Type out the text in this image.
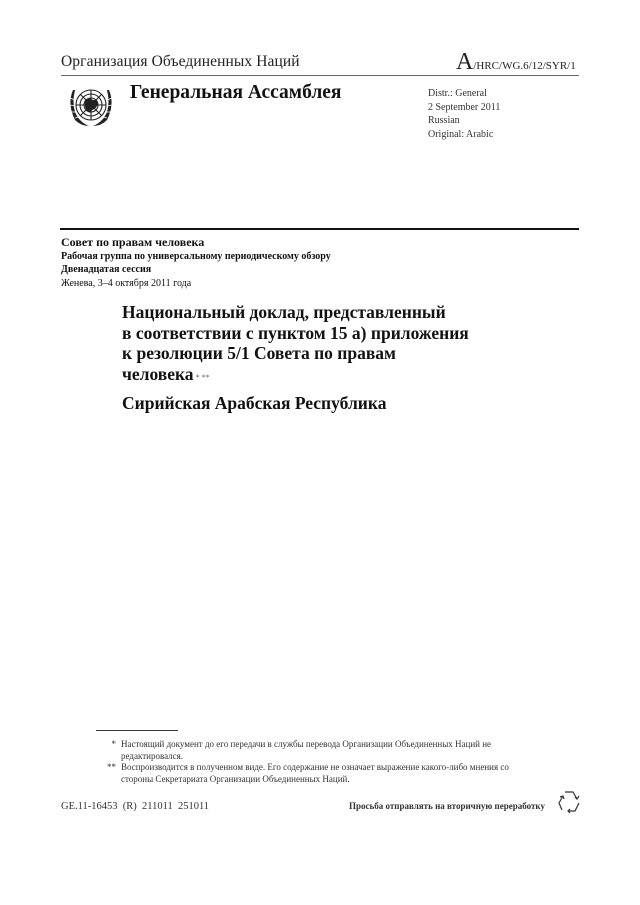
Организация Объединенных Наций	A/HRC/WG.6/12/SYR/1
Генеральная Ассамблея	Distr.: General
2 September 2011
Russian
Original: Arabic
Совет по правам человека
Рабочая группа по универсальному периодическому обзору
Двенадцатая сессия
Женева, 3–4 октября 2011 года
Национальный доклад, представленный
в соответствии с пунктом 15 а) приложения
к резолюции 5/1 Совета по правам
человека * **
Сирийская Арабская Республика
* Настоящий документ до его передачи в службы перевода Организации Объединенных Наций не редактировался.
** Воспроизводится в полученном виде. Его содержание не означает выражение какого-либо мнения со стороны Секретариата Организации Объединенных Наций.
GE.11-16453  (R)  211011  251011	Просьба отправлять на вторичную переработку
